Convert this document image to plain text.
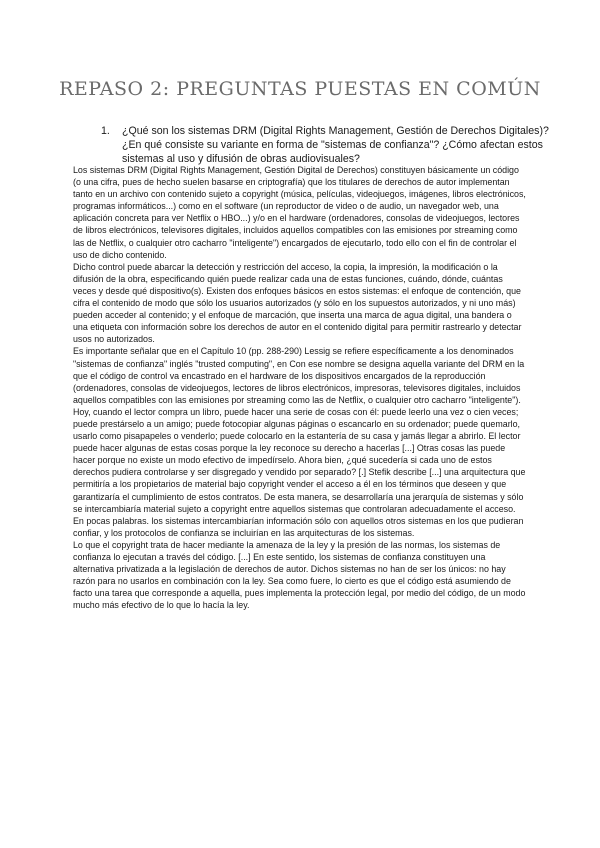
REPASO 2: PREGUNTAS PUESTAS EN COMÚN
1. ¿Qué son los sistemas DRM (Digital Rights Management, Gestión de Derechos Digitales)? ¿En qué consiste su variante en forma de "sistemas de confianza"? ¿Cómo afectan estos sistemas al uso y difusión de obras audiovisuales?

Los sistemas DRM (Digital Rights Management, Gestión Digital de Derechos) constituyen básicamente un código (o una cifra, pues de hecho suelen basarse en criptografía) que los titulares de derechos de autor implementan tanto en un archivo con contenido sujeto a copyright (música, películas, videojuegos, imágenes, libros electrónicos, programas informáticos...) como en el software (un reproductor de video o de audio, un navegador web, una aplicación concreta para ver Netflix o HBO...) y/o en el hardware (ordenadores, consolas de videojuegos, lectores de libros electrónicos, televisores digitales, incluidos aquellos compatibles con las emisiones por streaming como las de Netflix, o cualquier otro cacharro "inteligente") encargados de ejecutarlo, todo ello con el fin de controlar el uso de dicho contenido.

Dicho control puede abarcar la detección y restricción del acceso, la copia, la impresión, la modificación o la difusión de la obra, especificando quién puede realizar cada una de estas funciones, cuándo, dónde, cuántas veces y desde qué dispositivo(s). Existen dos enfoques básicos en estos sistemas: el enfoque de contención, que cifra el contenido de modo que sólo los usuarios autorizados (y sólo en los supuestos autorizados, y ni uno más) pueden acceder al contenido; y el enfoque de marcación, que inserta una marca de agua digital, una bandera o una etiqueta con información sobre los derechos de autor en el contenido digital para permitir rastrearlo y detectar usos no autorizados.

Es importante señalar que en el Capítulo 10 (pp. 288-290) Lessig se refiere específicamente a los denominados "sistemas de confianza" inglés "trusted computing", en Con ese nombre se designa aquella variante del DRM en la que el código de control va encastrado en el hardware de los dispositivos encargados de la reproducción (ordenadores, consolas de videojuegos, lectores de libros electrónicos, impresoras, televisores digitales, incluidos aquellos compatibles con las emisiones por streaming como las de Netflix, o cualquier otro cacharro "inteligente").

Hoy, cuando el lector compra un libro, puede hacer una serie de cosas con él: puede leerlo una vez o cien veces; puede prestárselo a un amigo; puede fotocopiar algunas páginas o escancarlo en su ordenador; puede quemarlo, usarlo como pisapapeles o venderlo; puede colocarlo en la estantería de su casa y jamás llegar a abrirlo. El lector puede hacer algunas de estas cosas porque la ley reconoce su derecho a hacerlas [...] Otras cosas las puede hacer porque no existe un modo efectivo de impedírselo. Ahora bien, ¿qué sucedería si cada uno de estos derechos pudiera controlarse y ser disgregado y vendido por separado? [.] Stefik describe [...] una arquitectura que permitiría a los propietarios de material bajo copyright vender el acceso a él en los términos que deseen y que garantizaría el cumplimiento de estos contratos. De esta manera, se desarrollaría una jerarquía de sistemas y sólo se intercambiaría material sujeto a copyright entre aquellos sistemas que controlaran adecuadamente el acceso. En pocas palabras. los sistemas intercambiarían información sólo con aquellos otros sistemas en los que pudieran confiar, y los protocolos de confianza se incluirían en las arquitecturas de los sistemas.

Lo que el copyright trata de hacer mediante la amenaza de la ley y la presión de las normas, los sistemas de confianza lo ejecutan a través del código. [...] En este sentido, los sistemas de confianza constituyen una alternativa privatizada a la legislación de derechos de autor. Dichos sistemas no han de ser los únicos: no hay razón para no usarlos en combinación con la ley. Sea como fuere, lo cierto es que el código está asumiendo de facto una tarea que corresponde a aquella, pues implementa la protección legal, por medio del código, de un modo mucho más efectivo de lo que lo hacía la ley.
